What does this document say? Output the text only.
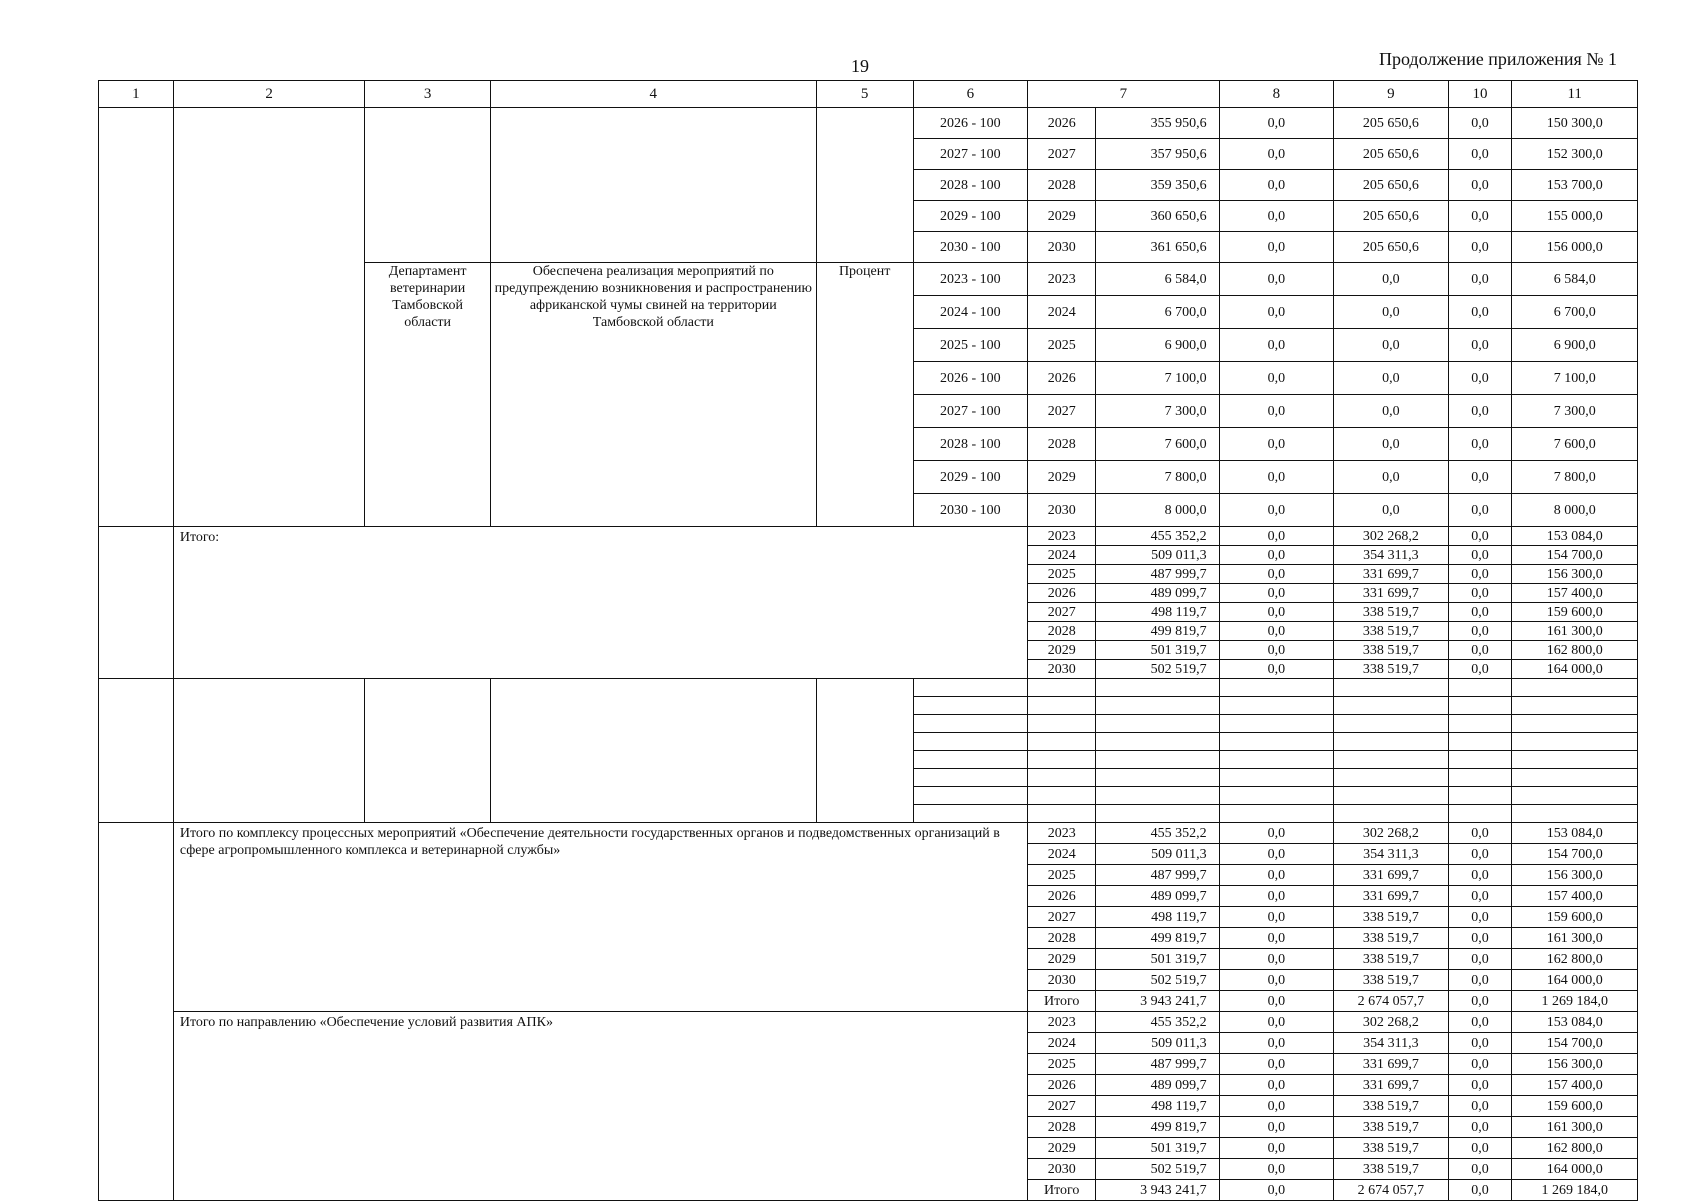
19	Продолжение приложения № 1
1	2	3	4	5	6	7		8	9	10	11
					2026 - 100	2026	355 950,6	0,0	205 650,6	0,0	150 300,0
					2027 - 100	2027	357 950,6	0,0	205 650,6	0,0	152 300,0
					2028 - 100	2028	359 350,6	0,0	205 650,6	0,0	153 700,0
					2029 - 100	2029	360 650,6	0,0	205 650,6	0,0	155 000,0
					2030 - 100	2030	361 650,6	0,0	205 650,6	0,0	156 000,0
		Департамент ветеринарии Тамбовской области	Обеспечена реализация мероприятий по предупреждению возникновения и распространению африканской чумы свиней на территории Тамбовской области	Процент	2023 - 100	2023	6 584,0	0,0	0,0	0,0	6 584,0
					2024 - 100	2024	6 700,0	0,0	0,0	0,0	6 700,0
					2025 - 100	2025	6 900,0	0,0	0,0	0,0	6 900,0
					2026 - 100	2026	7 100,0	0,0	0,0	0,0	7 100,0
					2027 - 100	2027	7 300,0	0,0	0,0	0,0	7 300,0
					2028 - 100	2028	7 600,0	0,0	0,0	0,0	7 600,0
					2029 - 100	2029	7 800,0	0,0	0,0	0,0	7 800,0
					2030 - 100	2030	8 000,0	0,0	0,0	0,0	8 000,0
	Итого:					2023	455 352,2	0,0	302 268,2	0,0	153 084,0
						2024	509 011,3	0,0	354 311,3	0,0	154 700,0
						2025	487 999,7	0,0	331 699,7	0,0	156 300,0
						2026	489 099,7	0,0	331 699,7	0,0	157 400,0
						2027	498 119,7	0,0	338 519,7	0,0	159 600,0
						2028	499 819,7	0,0	338 519,7	0,0	161 300,0
						2029	501 319,7	0,0	338 519,7	0,0	162 800,0
						2030	502 519,7	0,0	338 519,7	0,0	164 000,0

	Итого по комплексу процессных мероприятий «Обеспечение деятельности государственных органов и подведомственных организаций в сфере агропромышленного комплекса и ветеринарной службы»					2023	455 352,2	0,0	302 268,2	0,0	153 084,0
						2024	509 011,3	0,0	354 311,3	0,0	154 700,0
						2025	487 999,7	0,0	331 699,7	0,0	156 300,0
						2026	489 099,7	0,0	331 699,7	0,0	157 400,0
						2027	498 119,7	0,0	338 519,7	0,0	159 600,0
						2028	499 819,7	0,0	338 519,7	0,0	161 300,0
						2029	501 319,7	0,0	338 519,7	0,0	162 800,0
						2030	502 519,7	0,0	338 519,7	0,0	164 000,0
						Итого	3 943 241,7	0,0	2 674 057,7	0,0	1 269 184,0
	Итого по направлению «Обеспечение условий развития АПК»					2023	455 352,2	0,0	302 268,2	0,0	153 084,0
						2024	509 011,3	0,0	354 311,3	0,0	154 700,0
						2025	487 999,7	0,0	331 699,7	0,0	156 300,0
						2026	489 099,7	0,0	331 699,7	0,0	157 400,0
						2027	498 119,7	0,0	338 519,7	0,0	159 600,0
						2028	499 819,7	0,0	338 519,7	0,0	161 300,0
						2029	501 319,7	0,0	338 519,7	0,0	162 800,0
						2030	502 519,7	0,0	338 519,7	0,0	164 000,0
						Итого	3 943 241,7	0,0	2 674 057,7	0,0	1 269 184,0
